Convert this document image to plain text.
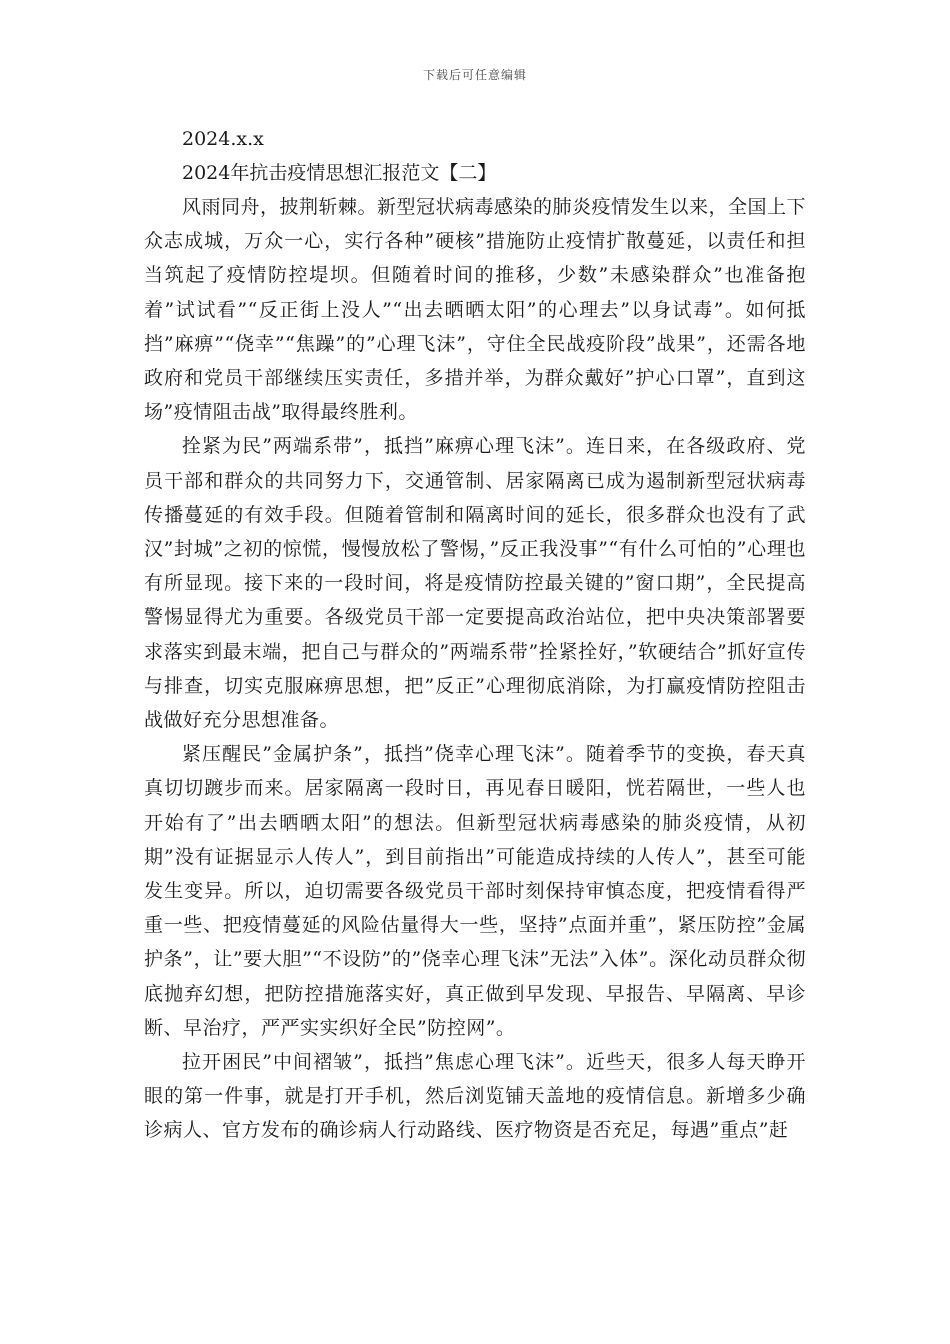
下载后可任意编辑
2024.x.x
2024年抗击疫情思想汇报范文【二】

风雨同舟，披荆斩棘。新型冠状病毒感染的肺炎疫情发生以来，全国上下众志成城，万众一心，实行各种”硬核”措施防止疫情扩散蔓延，以责任和担当筑起了疫情防控堤坝。但随着时间的推移，少数”未感染群众”也准备抱着”试试看”“反正街上没人”“出去晒晒太阳”的心理去”以身试毒”。如何抵挡”麻痹”“侥幸”“焦躁”的”心理飞沫”，守住全民战疫阶段”战果”，还需各地政府和党员干部继续压实责任，多措并举，为群众戴好”护心口罩”，直到这场”疫情阻击战”取得最终胜利。

拴紧为民”两端系带”，抵挡”麻痹心理飞沫”。连日来，在各级政府、党员干部和群众的共同努力下，交通管制、居家隔离已成为遏制新型冠状病毒传播蔓延的有效手段。但随着管制和隔离时间的延长，很多群众也没有了武汉”封城”之初的惊慌，慢慢放松了警惕，”反正我没事”“有什么可怕的”心理也有所显现。接下来的一段时间，将是疫情防控最关键的”窗口期”，全民提高警惕显得尤为重要。各级党员干部一定要提高政治站位，把中央决策部署要求落实到最末端，把自己与群众的”两端系带”拴紧拴好，”软硬结合”抓好宣传与排查，切实克服麻痹思想，把”反正”心理彻底消除，为打赢疫情防控阻击战做好充分思想准备。

紧压醒民”金属护条”，抵挡”侥幸心理飞沫”。随着季节的变换，春天真真切切踱步而来。居家隔离一段时日，再见春日暖阳，恍若隔世，一些人也开始有了”出去晒晒太阳”的想法。但新型冠状病毒感染的肺炎疫情，从初期”没有证据显示人传人”，到目前指出”可能造成持续的人传人”，甚至可能发生变异。所以，迫切需要各级党员干部时刻保持审慎态度，把疫情看得严重一些、把疫情蔓延的风险估量得大一些，坚持”点面并重”，紧压防控”金属护条”，让”要大胆”“不设防”的”侥幸心理飞沫”无法”入体”。深化动员群众彻底抛弃幻想，把防控措施落实好，真正做到早发现、早报告、早隔离、早诊断、早治疗，严严实实织好全民”防控网”。

拉开困民”中间褶皱”，抵挡”焦虑心理飞沫”。近些天，很多人每天睁开眼的第一件事，就是打开手机，然后浏览铺天盖地的疫情信息。新增多少确诊病人、官方发布的确诊病人行动路线、医疗物资是否充足，每遇”重点”赶
